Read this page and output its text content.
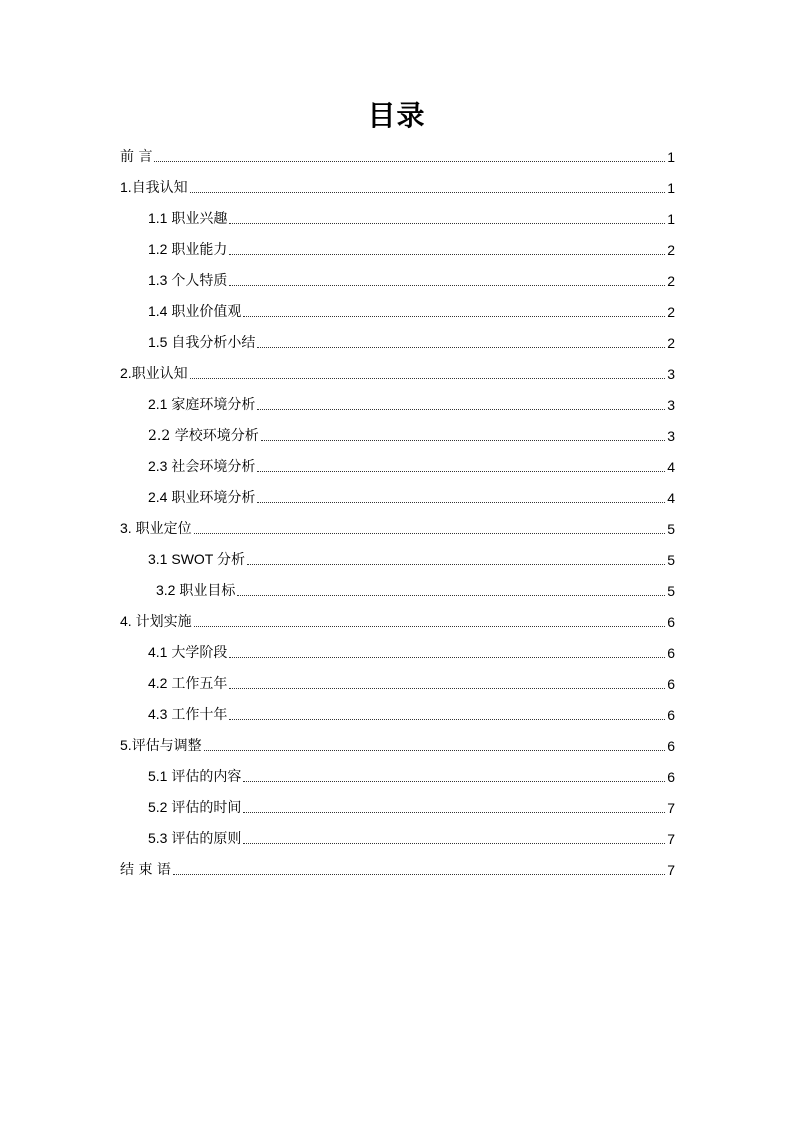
目录
前 言	1
1.自我认知	1
1.1 职业兴趣	1
1.2 职业能力	2
1.3 个人特质	2
1.4 职业价值观	2
1.5 自我分析小结	2
2.职业认知	3
2.1 家庭环境分析	3
2.2 学校环境分析	3
2.3 社会环境分析	4
2.4 职业环境分析	4
3. 职业定位	5
3.1 SWOT 分析	5
3.2 职业目标	5
4. 计划实施	6
4.1 大学阶段	6
4.2 工作五年	6
4.3 工作十年	6
5.评估与调整	6
5.1 评估的内容	6
5.2 评估的时间	7
5.3 评估的原则	7
结 束 语	7
